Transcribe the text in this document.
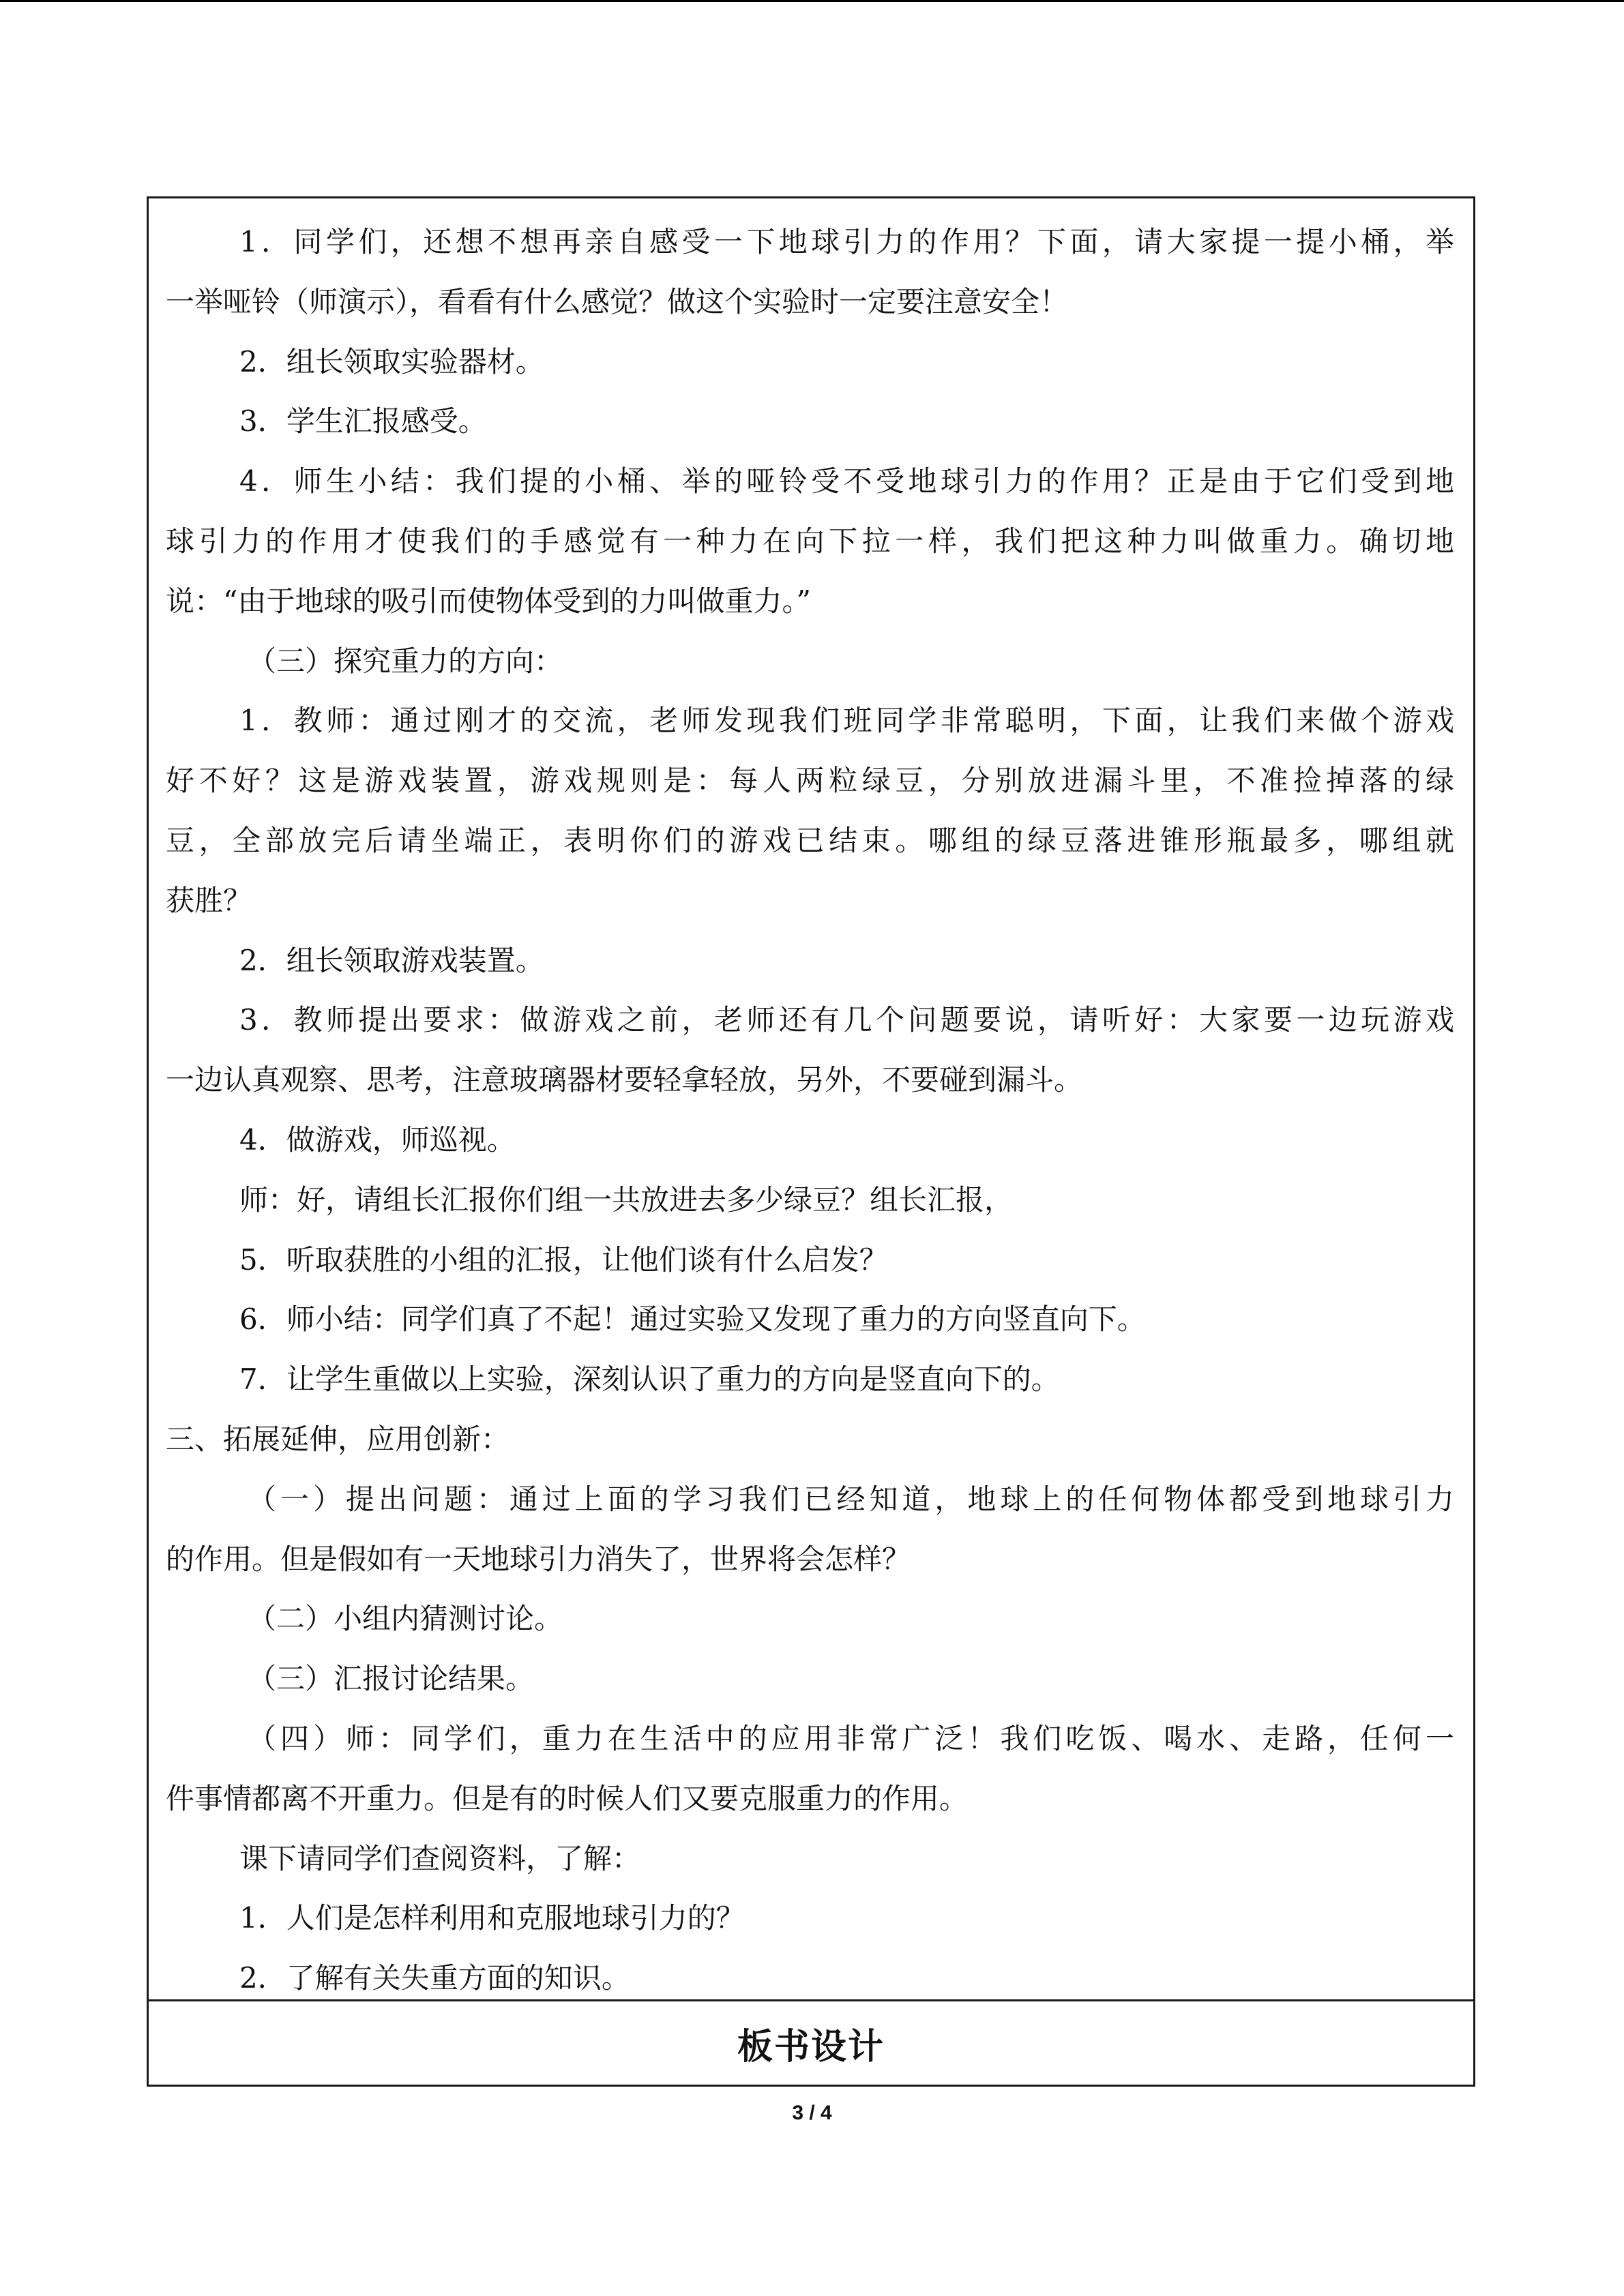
1．同学们，还想不想再亲自感受一下地球引力的作用？下面，请大家提一提小桶，举
一举哑铃（师演示），看看有什么感觉？做这个实验时一定要注意安全！
2．组长领取实验器材。
3．学生汇报感受。
4．师生小结：我们提的小桶、举的哑铃受不受地球引力的作用？正是由于它们受到地
球引力的作用才使我们的手感觉有一种力在向下拉一样，我们把这种力叫做重力。确切地
说：“由于地球的吸引而使物体受到的力叫做重力。”
（三）探究重力的方向：
1．教师：通过刚才的交流，老师发现我们班同学非常聪明，下面，让我们来做个游戏
好不好？这是游戏装置，游戏规则是：每人两粒绿豆，分别放进漏斗里，不准捡掉落的绿
豆，全部放完后请坐端正，表明你们的游戏已结束。哪组的绿豆落进锥形瓶最多，哪组就
获胜？
2．组长领取游戏装置。
3．教师提出要求：做游戏之前，老师还有几个问题要说，请听好：大家要一边玩游戏
一边认真观察、思考，注意玻璃器材要轻拿轻放，另外，不要碰到漏斗。
4．做游戏，师巡视。
师：好，请组长汇报你们组一共放进去多少绿豆？组长汇报，
5．听取获胜的小组的汇报，让他们谈有什么启发？
6．师小结：同学们真了不起！通过实验又发现了重力的方向竖直向下。
7．让学生重做以上实验，深刻认识了重力的方向是竖直向下的。
三、拓展延伸，应用创新：
（一）提出问题：通过上面的学习我们已经知道，地球上的任何物体都受到地球引力
的作用。但是假如有一天地球引力消失了，世界将会怎样？
（二）小组内猜测讨论。
（三）汇报讨论结果。
（四）师：同学们，重力在生活中的应用非常广泛！我们吃饭、喝水、走路，任何一
件事情都离不开重力。但是有的时候人们又要克服重力的作用。
课下请同学们查阅资料，了解：
1．人们是怎样利用和克服地球引力的？
2．了解有关失重方面的知识。
板书设计
3 / 4
